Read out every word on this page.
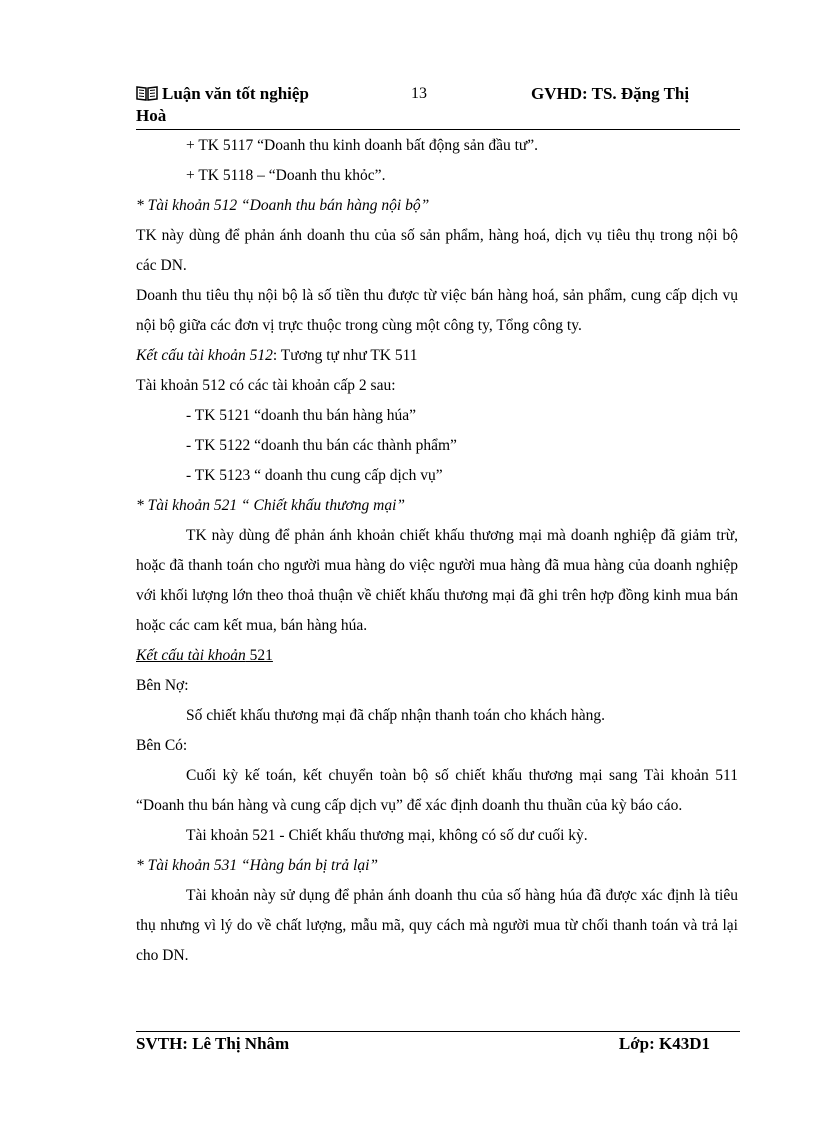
Luận văn tốt nghiệp	13	GVHD: TS. Đặng Thị
Hoà

+ TK 5117 “Doanh thu kinh doanh bất động sản đầu tư”.

+ TK 5118 – “Doanh thu khỏc”.

* Tài khoản 512 “Doanh thu bán hàng nội bộ”

TK này dùng để phản ánh doanh thu của số sản phẩm, hàng hoá, dịch vụ tiêu thụ trong nội bộ các DN.

Doanh thu tiêu thụ nội bộ là số tiền thu được từ việc bán hàng hoá, sản phẩm, cung cấp dịch vụ nội bộ giữa các đơn vị trực thuộc trong cùng một công ty, Tổng công ty.

Kết cấu tài khoản 512: Tương tự như TK 511

Tài khoản 512 có các tài khoản cấp 2 sau:

- TK 5121 “doanh thu bán hàng húa”

- TK 5122 “doanh thu bán các thành phẩm”

- TK 5123 “ doanh thu cung cấp dịch vụ”

* Tài khoản 521 “ Chiết khấu thương mại”

TK này dùng để phản ánh khoản chiết khấu thương mại mà doanh nghiệp đã giảm trừ, hoặc đã thanh toán cho người mua hàng do việc người mua hàng đã mua hàng của doanh nghiệp với khối lượng lớn theo thoả thuận về chiết khấu thương mại đã ghi trên hợp đồng kinh mua bán hoặc các cam kết mua, bán hàng húa.

Kết cấu tài khoản 521

Bên Nợ:

Số chiết khấu thương mại đã chấp nhận thanh toán cho khách hàng.

Bên Có:

Cuối kỳ kế toán, kết chuyển toàn bộ số chiết khấu thương mại sang Tài khoản 511 “Doanh thu bán hàng và cung cấp dịch vụ” để xác định doanh thu thuần của kỳ báo cáo.

Tài khoản 521 - Chiết khấu thương mại, không có số dư cuối kỳ.

* Tài khoản 531 “Hàng bán bị trả lại”

Tài khoản này sử dụng để phản ánh doanh thu của số hàng húa đã được xác định là tiêu thụ nhưng vì lý do về chất lượng, mẫu mã, quy cách mà người mua từ chối thanh toán và trả lại cho DN.

SVTH: Lê Thị Nhâm	Lớp: K43D1
